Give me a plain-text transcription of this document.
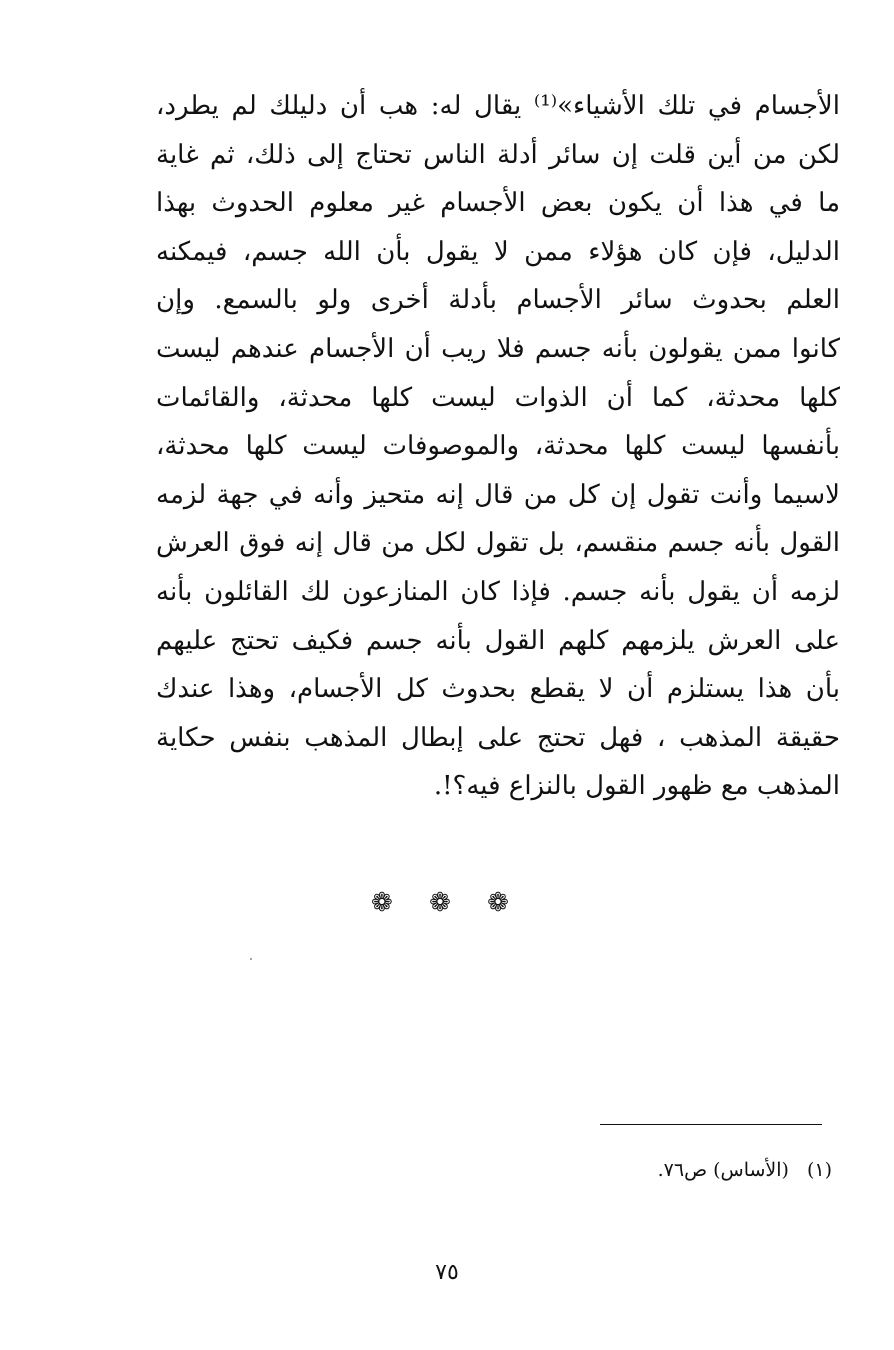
الأجسام في تلك الأشياء»⁽¹⁾ يقال له: هب أن دليلك لم يطرد،
لكن من أين قلت إن سائر أدلة الناس تحتاج إلى ذلك، ثم غاية
ما في هذا أن يكون بعض الأجسام غير معلوم الحدوث بهذا
الدليل، فإن كان هؤلاء ممن لا يقول بأن الله جسم، فيمكنه
العلم بحدوث سائر الأجسام بأدلة أخرى ولو بالسمع. وإن
كانوا ممن يقولون بأنه جسم فلا ريب أن الأجسام عندهم ليست
كلها محدثة، كما أن الذوات ليست كلها محدثة، والقائمات
بأنفسها ليست كلها محدثة، والموصوفات ليست كلها محدثة،
لاسيما وأنت تقول إن كل من قال إنه متحيز وأنه في جهة لزمه
القول بأنه جسم منقسم، بل تقول لكل من قال إنه فوق العرش
لزمه أن يقول بأنه جسم. فإذا كان المنازعون لك القائلون بأنه
على العرش يلزمهم كلهم القول بأنه جسم فكيف تحتج عليهم
بأن هذا يستلزم أن لا يقطع بحدوث كل الأجسام، وهذا عندك
حقيقة المذهب ، فهل تحتج على إبطال المذهب بنفس حكاية
المذهب مع ظهور القول بالنزاع فيه؟!.
❁ ❁ ❁
(١)(الأساس) ص٧٦.
٧٥
